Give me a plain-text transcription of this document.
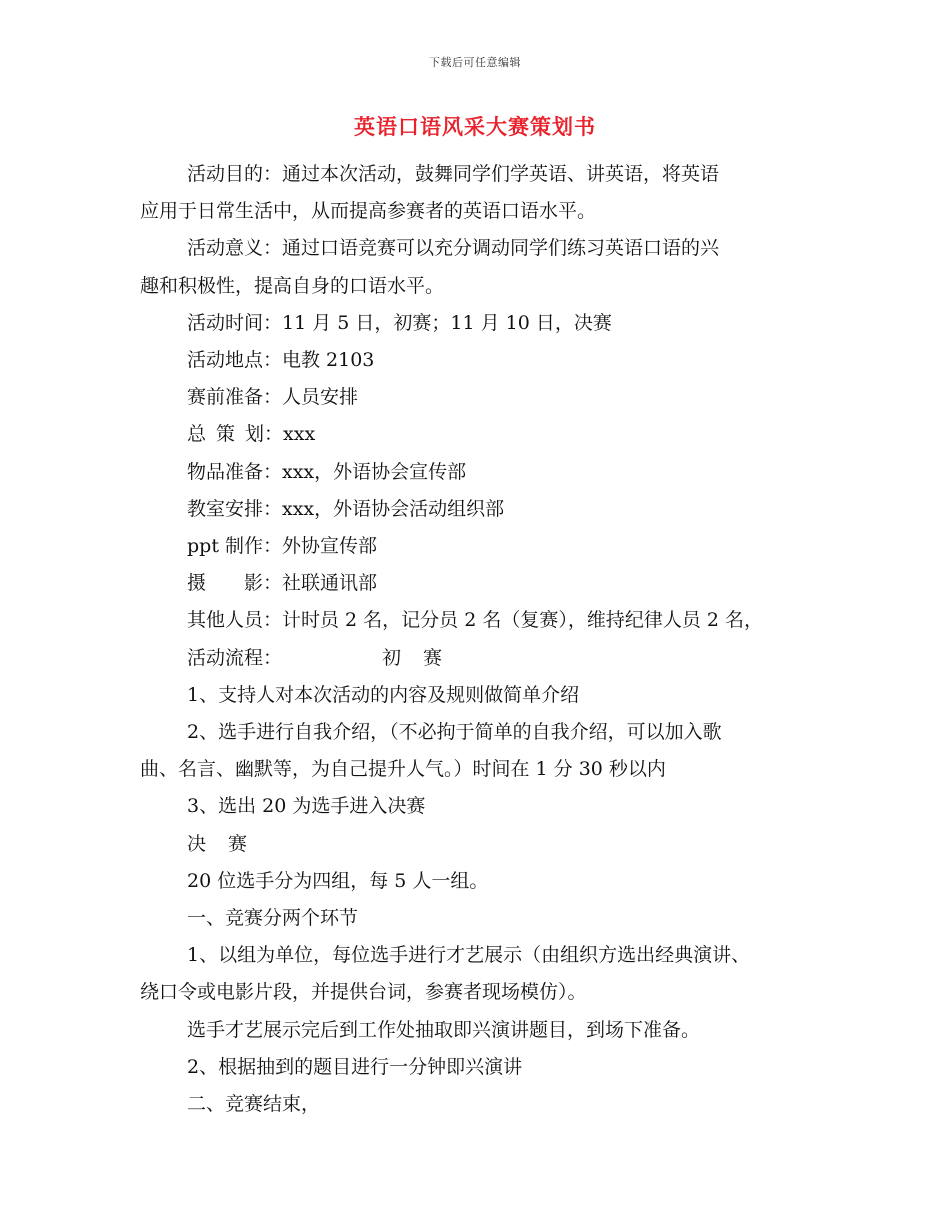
下载后可任意编辑
英语口语风采大赛策划书

活动目的：通过本次活动，鼓舞同学们学英语、讲英语，将英语

应用于日常生活中，从而提高参赛者的英语口语水平。

活动意义：通过口语竞赛可以充分调动同学们练习英语口语的兴

趣和积极性，提高自身的口语水平。

活动时间：11 月 5 日，初赛；11 月 10 日，决赛

活动地点：电教 2103

赛前准备：人员安排

总 策 划：xxx

物品准备：xxx，外语协会宣传部

教室安排：xxx，外语协会活动组织部

ppt 制作：外协宣传部

摄 影：社联通讯部

其他人员：计时员 2 名，记分员 2 名（复赛），维持纪律人员 2 名，

活动流程：	初 赛

1、支持人对本次活动的内容及规则做简单介绍

2、选手进行自我介绍，（不必拘于简单的自我介绍，可以加入歌

曲、名言、幽默等，为自己提升人气。）时间在 1 分 30 秒以内

3、选出 20 为选手进入决赛

决 赛

20 位选手分为四组，每 5 人一组。

一、竞赛分两个环节

1、以组为单位，每位选手进行才艺展示（由组织方选出经典演讲、

绕口令或电影片段，并提供台词，参赛者现场模仿）。

选手才艺展示完后到工作处抽取即兴演讲题目，到场下准备。

2、根据抽到的题目进行一分钟即兴演讲

二、竞赛结束，
